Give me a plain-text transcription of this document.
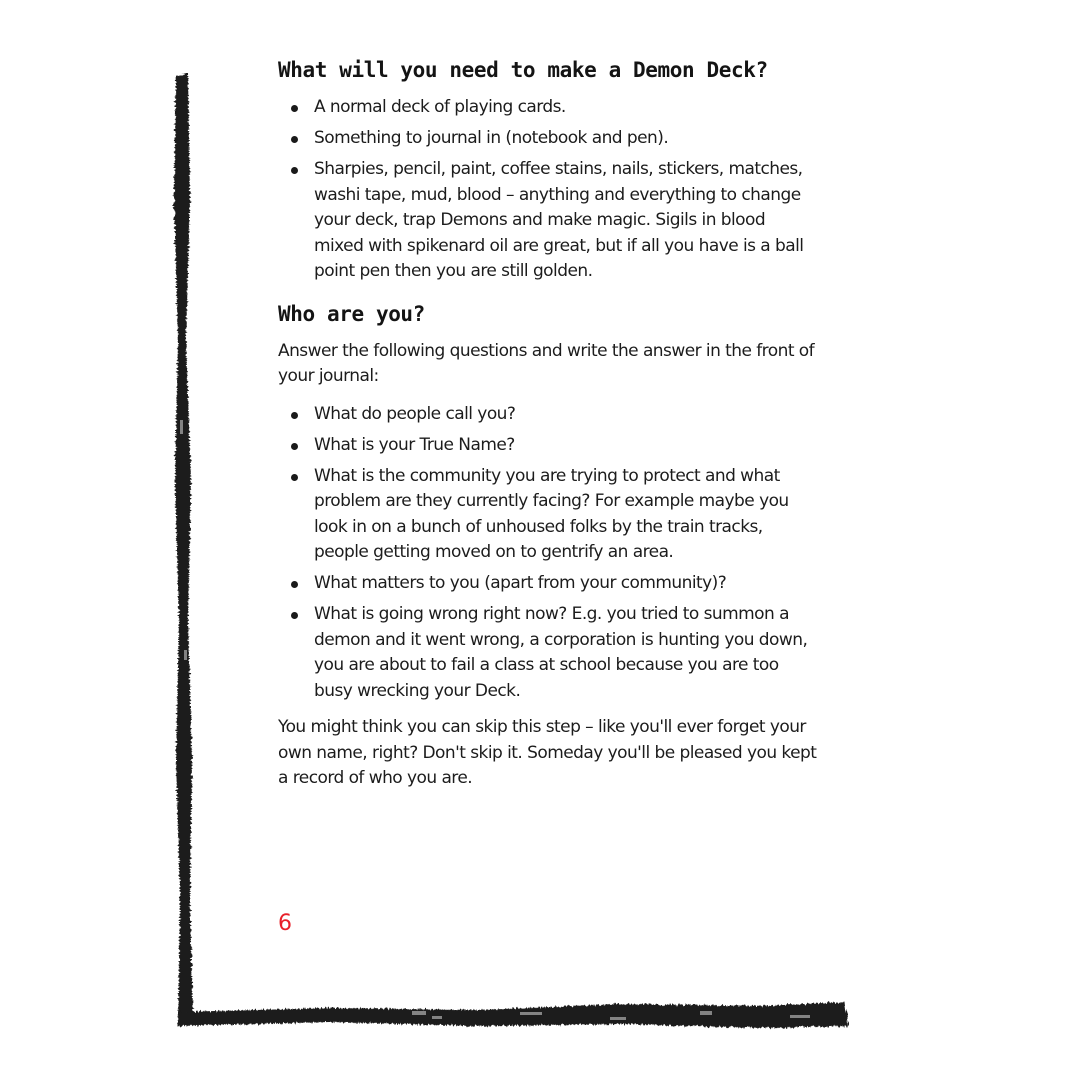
What will you need to make a Demon Deck?
A normal deck of playing cards.
Something to journal in (notebook and pen).
Sharpies, pencil, paint, coffee stains, nails, stickers, matches, washi tape, mud, blood – anything and everything to change your deck, trap Demons and make magic. Sigils in blood mixed with spikenard oil are great, but if all you have is a ball point pen then you are still golden.
Who are you?

Answer the following questions and write the answer in the front of your journal:

What do people call you?
What is your True Name?
What is the community you are trying to protect and what problem are they currently facing? For example maybe you look in on a bunch of unhoused folks by the train tracks, people getting moved on to gentrify an area.
What matters to you (apart from your community)?
What is going wrong right now? E.g. you tried to summon a demon and it went wrong, a corporation is hunting you down, you are about to fail a class at school because you are too busy wrecking your Deck.

You might think you can skip this step – like you'll ever forget your own name, right? Don't skip it. Someday you'll be pleased you kept a record of who you are.

6
